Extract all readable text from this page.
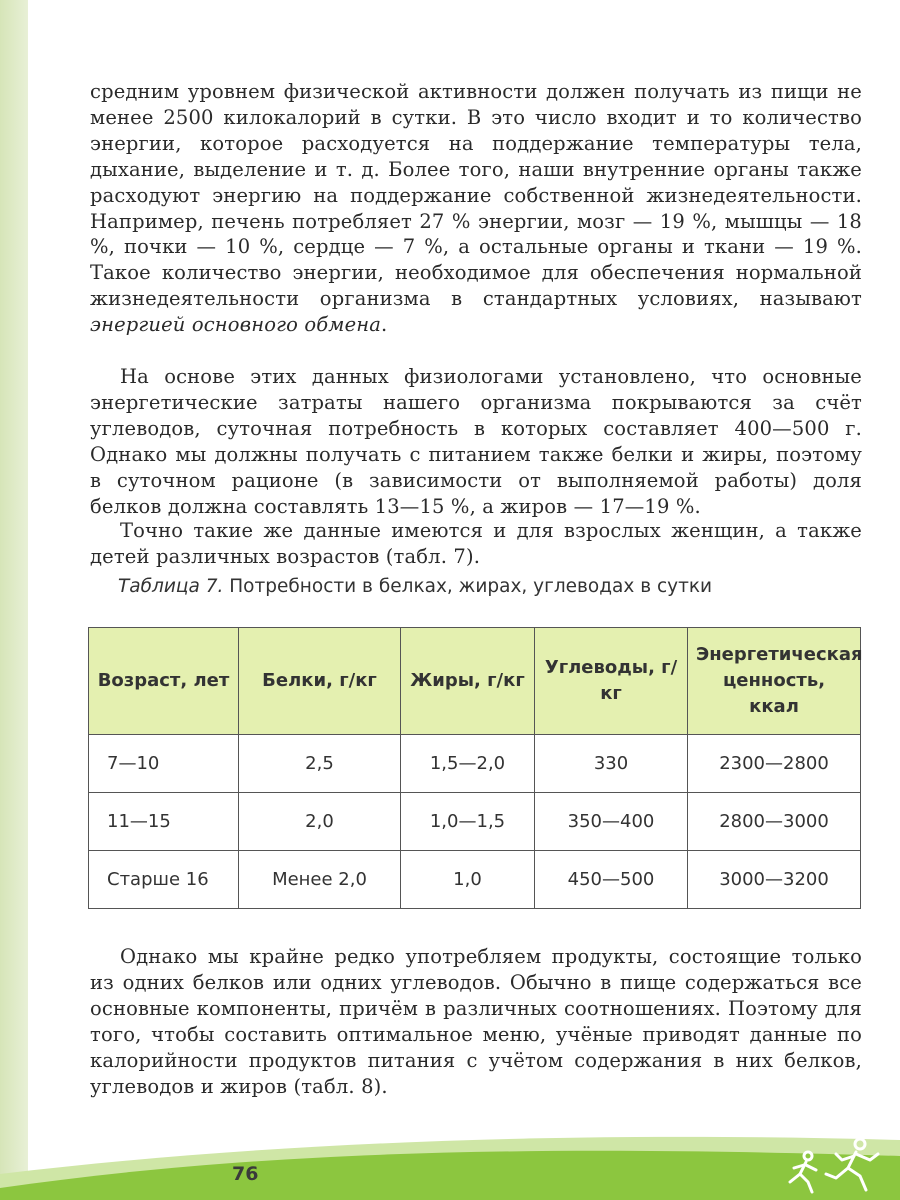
средним уровнем физической активности должен получать из пищи не менее 2500 килокалорий в сутки. В это число входит и то количество энергии, которое расходуется на поддержание температуры тела, дыхание, выделение и т. д. Более того, наши внутренние органы также расходуют энергию на поддержание собственной жизнедеятельности. Например, печень потребляет 27 % энергии, мозг — 19 %, мышцы — 18 %, почки — 10 %, сердце — 7 %, а остальные органы и ткани — 19 %. Такое количество энергии, необходимое для обеспечения нормальной жизнедеятельности организма в стандартных условиях, называют энергией основного обмена.

На основе этих данных физиологами установлено, что основные энергетические затраты нашего организма покрываются за счёт углеводов, суточная потребность в которых составляет 400—500 г. Однако мы должны получать с питанием также белки и жиры, поэтому в суточном рационе (в зависимости от выполняемой работы) доля белков должна составлять 13—15 %, а жиров — 17—19 %.

Точно такие же данные имеются и для взрослых женщин, а также детей различных возрастов (табл. 7).

Таблица 7. Потребности в белках, жирах, углеводах в сутки
Возраст, лет	Белки, г/кг	Жиры, г/кг	Углеводы, г/кг	Энергетическая ценность, ккал
7—10	2,5	1,5—2,0	330	2300—2800
11—15	2,0	1,0—1,5	350—400	2800—3000
Старше 16	Менее 2,0	1,0	450—500	3000—3200

Однако мы крайне редко употребляем продукты, состоящие только из одних белков или одних углеводов. Обычно в пище содержаться все основные компоненты, причём в различных соотношениях. Поэтому для того, чтобы составить оптимальное меню, учёные приводят данные по калорийности продуктов питания с учётом содержания в них белков, углеводов и жиров (табл. 8).

76
